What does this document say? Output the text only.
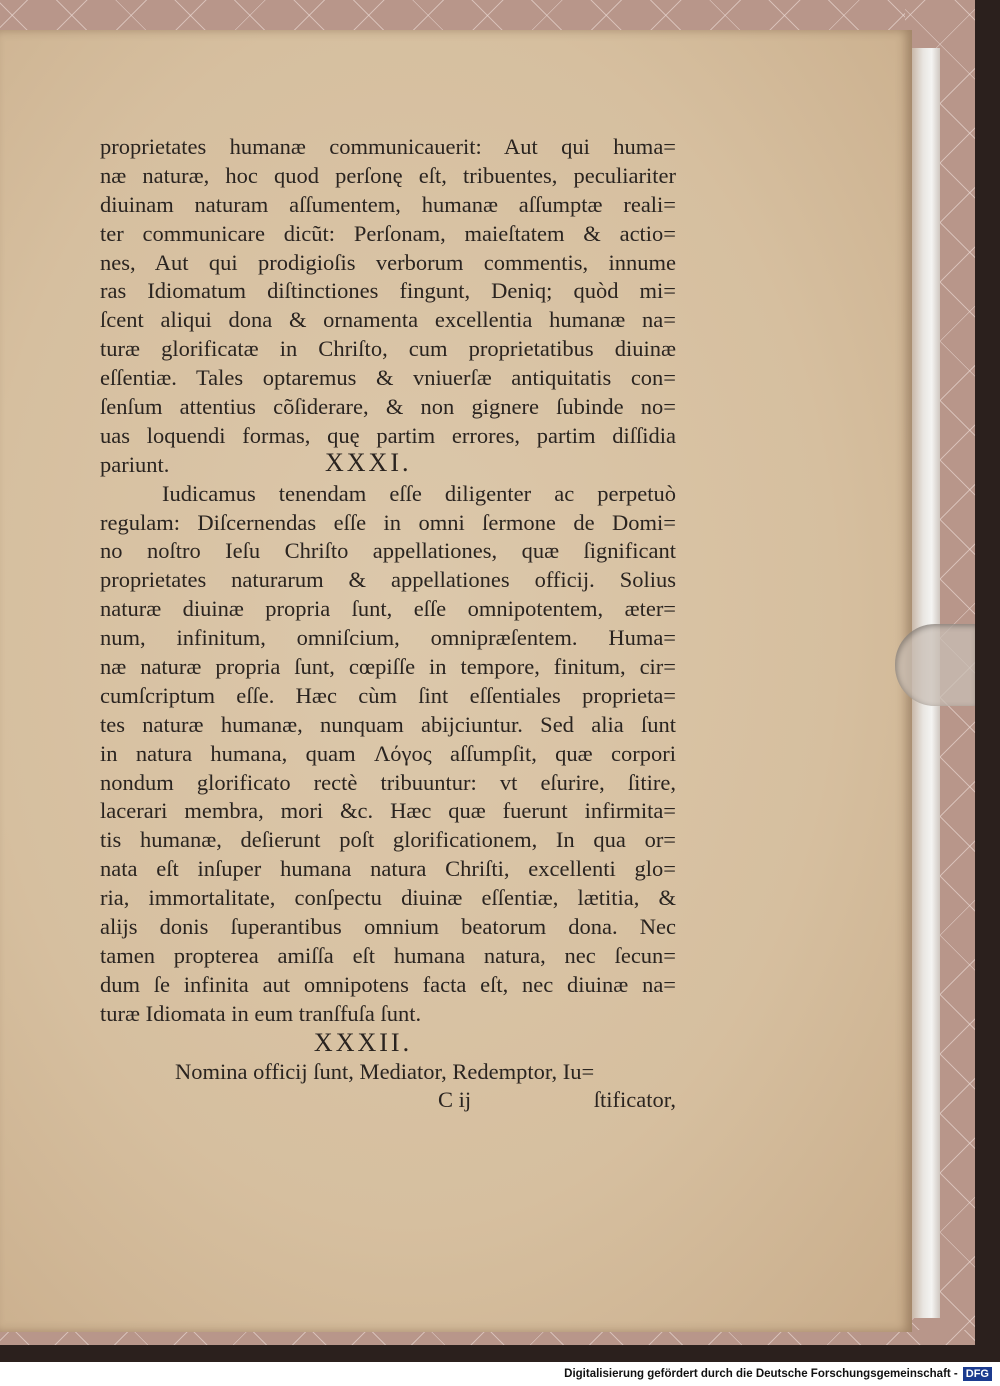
proprietates humanæ communicauerit: Aut qui huma=
næ naturæ, hoc quod perſonę eſt, tribuentes, peculiariter
diuinam naturam aſſumentem, humanæ aſſumptæ reali=
ter communicare dicũt: Perſonam, maieſtatem & actio=
nes, Aut qui prodigioſis verborum commentis, innume
ras Idiomatum diſtinctiones fingunt, Deniq; quòd mi=
ſcent aliqui dona & ornamenta excellentia humanæ na=
turæ glorificatæ in Chriſto, cum proprietatibus diuinæ
eſſentiæ. Tales optaremus & vniuerſæ antiquitatis con=
ſenſum attentius cõſiderare, & non gignere ſubinde no=
uas loquendi formas, quę partim errores, partim diſſidia
pariunt.	XXXI.
Iudicamus tenendam eſſe diligenter ac perpetuò
regulam: Diſcernendas eſſe in omni ſermone de Domi=
no noſtro Ieſu Chriſto appellationes, quæ ſignificant
proprietates naturarum & appellationes officij. Solius
naturæ diuinæ propria ſunt, eſſe omnipotentem, æter=
num, infinitum, omniſcium, omnipræſentem. Huma=
næ naturæ propria ſunt, cœpiſſe in tempore, finitum, cir=
cumſcriptum eſſe. Hæc cùm ſint eſſentiales proprieta=
tes naturæ humanæ, nunquam abijciuntur. Sed alia ſunt
in natura humana, quam Λόγος aſſumpſit, quæ corpori
nondum glorificato rectè tribuuntur: vt eſurire, ſitire,
lacerari membra, mori &c. Hæc quæ fuerunt infirmita=
tis humanæ, deſierunt poſt glorificationem, In qua or=
nata eſt inſuper humana natura Chriſti, excellenti glo=
ria, immortalitate, conſpectu diuinæ eſſentiæ, lætitia, &
alijs donis ſuperantibus omnium beatorum dona. Nec
tamen propterea amiſſa eſt humana natura, nec ſecun=
dum ſe infinita aut omnipotens facta eſt, nec diuinæ na=
turæ Idiomata in eum tranſfuſa ſunt.
XXXII.
Nomina officij ſunt, Mediator, Redemptor, Iu=
C ij	ſtificator,
Digitalisierung gefördert durch die Deutsche Forschungsgemeinschaft - DFG
